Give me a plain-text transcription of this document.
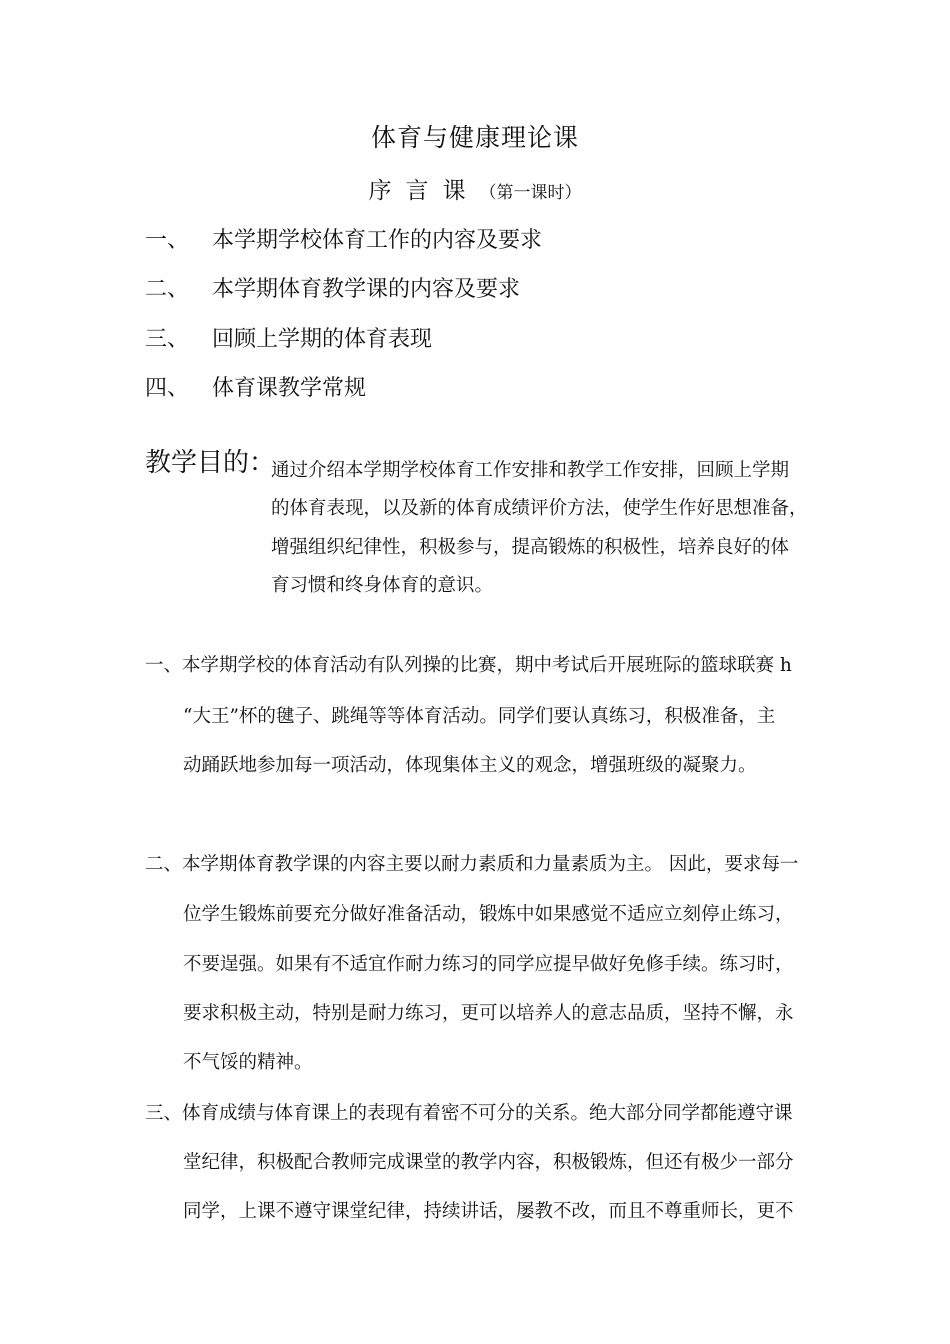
体育与健康理论课
序言课（第一课时）
一、 本学期学校体育工作的内容及要求
二、 本学期体育教学课的内容及要求
三、 回顾上学期的体育表现
四、 体育课教学常规
教学目的：
通过介绍本学期学校体育工作安排和教学工作安排，回顾上学期
的体育表现，以及新的体育成绩评价方法，使学生作好思想准备，
增强组织纪律性，积极参与，提高锻炼的积极性，培养良好的体
育习惯和终身体育的意识。
一、本学期学校的体育活动有队列操的比赛，期中考试后开展班际的篮球联赛 h
“大王”杯的毽子、跳绳等等体育活动。同学们要认真练习，积极准备，主
动踊跃地参加每一项活动，体现集体主义的观念，增强班级的凝聚力。
二、本学期体育教学课的内容主要以耐力素质和力量素质为主。 因此，要求每一
位学生锻炼前要充分做好准备活动，锻炼中如果感觉不适应立刻停止练习，
不要逞强。如果有不适宜作耐力练习的同学应提早做好免修手续。练习时，
要求积极主动，特别是耐力练习，更可以培养人的意志品质，坚持不懈，永
不气馁的精神。
三、体育成绩与体育课上的表现有着密不可分的关系。绝大部分同学都能遵守课
堂纪律，积极配合教师完成课堂的教学内容，积极锻炼，但还有极少一部分
同学，上课不遵守课堂纪律，持续讲话，屡教不改，而且不尊重师长，更不
